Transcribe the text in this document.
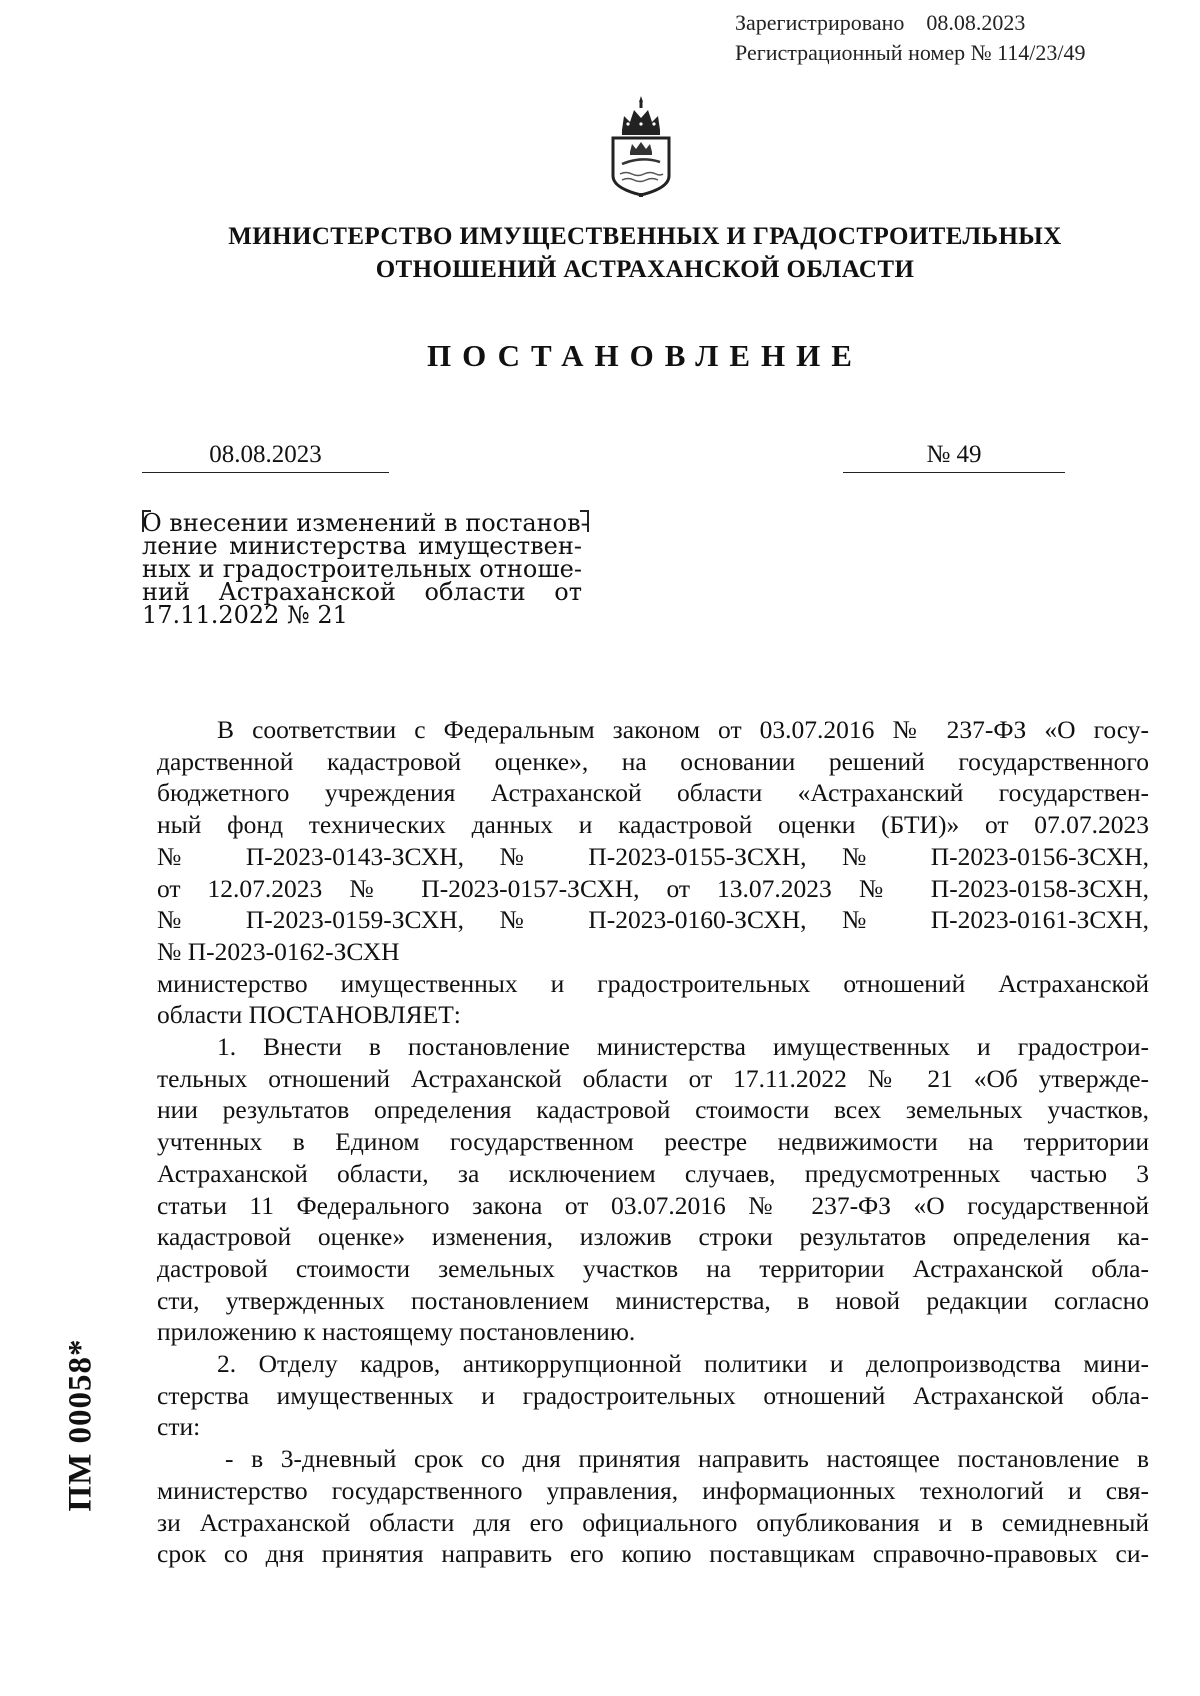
Зарегистрировано 08.08.2023
Регистрационный номер № 114/23/49
МИНИСТЕРСТВО ИМУЩЕСТВЕННЫХ И ГРАДОСТРОИТЕЛЬНЫХ
ОТНОШЕНИЙ АСТРАХАНСКОЙ ОБЛАСТИ
ПОСТАНОВЛЕНИЕ
08.08.2023	№ 49
О внесении изменений в постанов-
ление министерства имуществен-
ных и градостроительных отноше-
ний Астраханской области от
17.11.2022 № 21
В соответствии с Федеральным законом от 03.07.2016 № 237-ФЗ «О госу-
дарственной кадастровой оценке», на основании решений государственного
бюджетного учреждения Астраханской области «Астраханский государствен-
ный фонд технических данных и кадастровой оценки (БТИ)» от 07.07.2023
№ П-2023-0143-ЗСХН, № П-2023-0155-ЗСХН, № П-2023-0156-ЗСХН,
от 12.07.2023 № П-2023-0157-ЗСХН, от 13.07.2023 № П-2023-0158-ЗСХН,
№ П-2023-0159-ЗСХН, № П-2023-0160-ЗСХН, № П-2023-0161-ЗСХН,
№ П-2023-0162-ЗСХН
министерство имущественных и градостроительных отношений Астраханской
области ПОСТАНОВЛЯЕТ:
1. Внести в постановление министерства имущественных и градострои-
тельных отношений Астраханской области от 17.11.2022 № 21 «Об утвержде-
нии результатов определения кадастровой стоимости всех земельных участков,
учтенных в Едином государственном реестре недвижимости на территории
Астраханской области, за исключением случаев, предусмотренных частью 3
статьи 11 Федерального закона от 03.07.2016 № 237-ФЗ «О государственной
кадастровой оценке» изменения, изложив строки результатов определения ка-
дастровой стоимости земельных участков на территории Астраханской обла-
сти, утвержденных постановлением министерства, в новой редакции согласно
приложению к настоящему постановлению.
2. Отделу кадров, антикоррупционной политики и делопроизводства мини-
стерства имущественных и градостроительных отношений Астраханской обла-
сти:
- в 3-дневный срок со дня принятия направить настоящее постановление в
министерство государственного управления, информационных технологий и свя-
зи Астраханской области для его официального опубликования и в семидневный
срок со дня принятия направить его копию поставщикам справочно-правовых си-
ПМ 00058*
